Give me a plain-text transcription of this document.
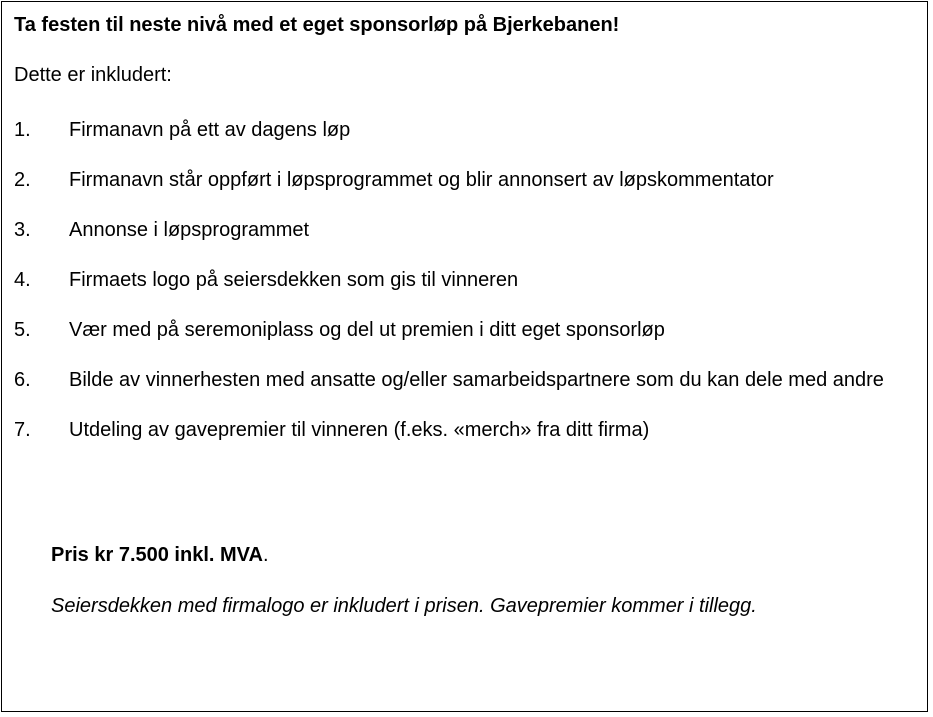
Ta festen til neste nivå med et eget sponsorløp på Bjerkebanen!
Dette er inkludert:
1.	Firmanavn på ett av dagens løp
2.	Firmanavn står oppført i løpsprogrammet og blir annonsert av løpskommentator
3.	Annonse i løpsprogrammet
4.	Firmaets logo på seiersdekken som gis til vinneren
5.	Vær med på seremoniplass og del ut premien i ditt eget sponsorløp
6.	Bilde av vinnerhesten med ansatte og/eller samarbeidspartnere som du kan dele med andre
7.	Utdeling av gavepremier til vinneren (f.eks. «merch» fra ditt firma)
Pris kr 7.500 inkl. MVA.
Seiersdekken med firmalogo er inkludert i prisen. Gavepremier kommer i tillegg.
